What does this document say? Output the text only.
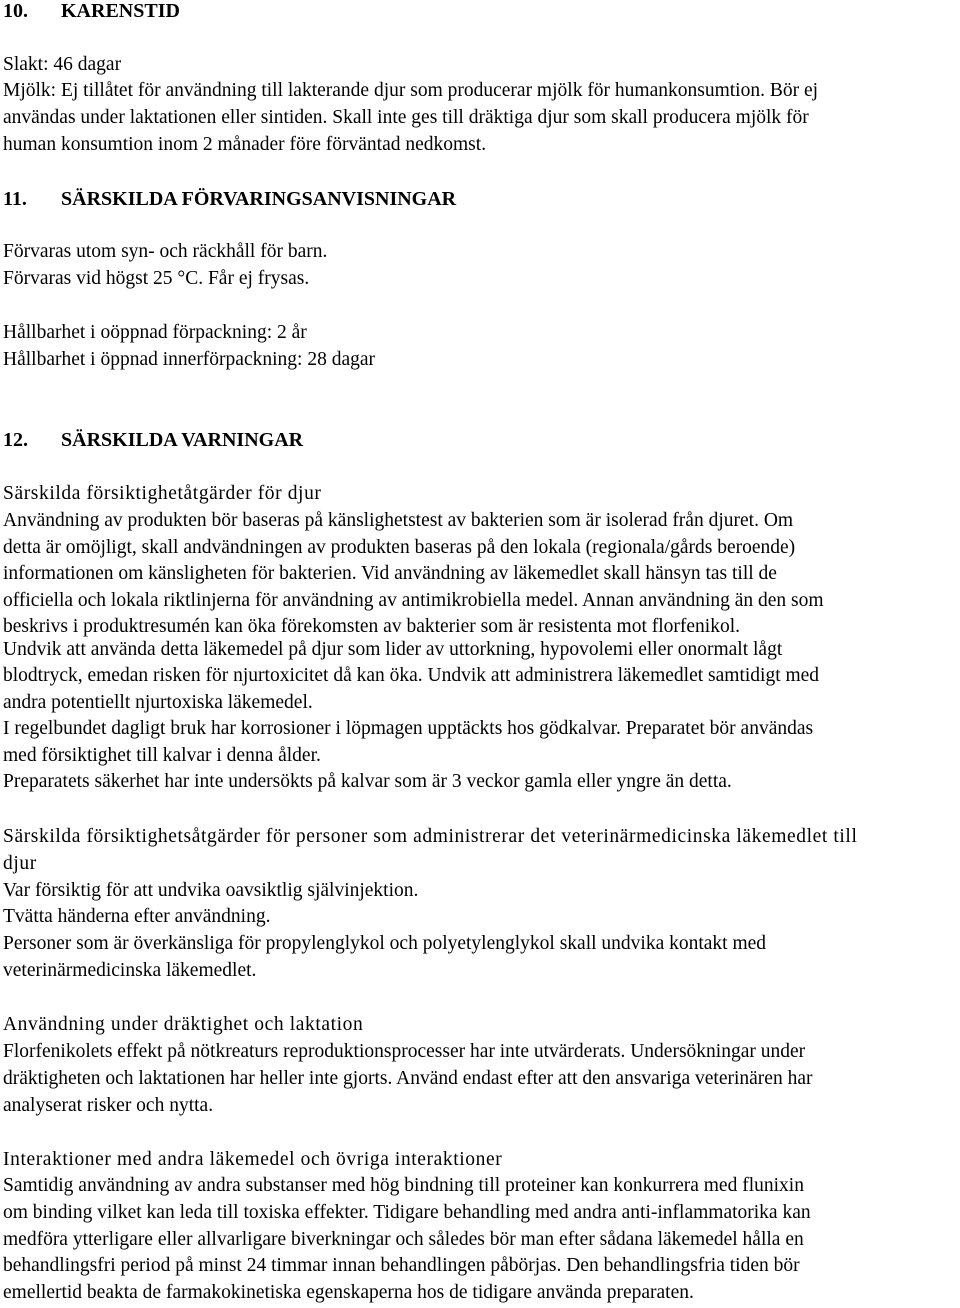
10. KARENSTID
Slakt: 46 dagar
Mjölk: Ej tillåtet för användning till lakterande djur som producerar mjölk för humankonsumtion. Bör ej
användas under laktationen eller sintiden. Skall inte ges till dräktiga djur som skall producera mjölk för
human konsumtion inom 2 månader före förväntad nedkomst.
11. SÄRSKILDA FÖRVARINGSANVISNINGAR
Förvaras utom syn- och räckhåll för barn.
Förvaras vid högst 25 °C. Får ej frysas.
Hållbarhet i oöppnad förpackning: 2 år
Hållbarhet i öppnad innerförpackning: 28 dagar
12. SÄRSKILDA VARNINGAR
Särskilda försiktighetåtgärder för djur
Användning av produkten bör baseras på känslighetstest av bakterien som är isolerad från djuret. Om
detta är omöjligt, skall andvändningen av produkten baseras på den lokala (regionala/gårds beroende)
informationen om känsligheten för bakterien. Vid användning av läkemedlet skall hänsyn tas till de
officiella och lokala riktlinjerna för användning av antimikrobiella medel. Annan användning än den som
beskrivs i produktresumén kan öka förekomsten av bakterier som är resistenta mot florfenikol.
Undvik att använda detta läkemedel på djur som lider av uttorkning, hypovolemi eller onormalt lågt
blodtryck, emedan risken för njurtoxicitet då kan öka. Undvik att administrera läkemedlet samtidigt med
andra potentiellt njurtoxiska läkemedel.
I regelbundet dagligt bruk har korrosioner i löpmagen upptäckts hos gödkalvar. Preparatet bör användas
med försiktighet till kalvar i denna ålder.
Preparatets säkerhet har inte undersökts på kalvar som är 3 veckor gamla eller yngre än detta.
Särskilda försiktighetsåtgärder för personer som administrerar det veterinärmedicinska läkemedlet till
djur
Var försiktig för att undvika oavsiktlig självinjektion.
Tvätta händerna efter användning.
Personer som är överkänsliga för propylenglykol och polyetylenglykol skall undvika kontakt med
veterinärmedicinska läkemedlet.
Användning under dräktighet och laktation
Florfenikolets effekt på nötkreaturs reproduktionsprocesser har inte utvärderats. Undersökningar under
dräktigheten och laktationen har heller inte gjorts. Använd endast efter att den ansvariga veterinären har
analyserat risker och nytta.
Interaktioner med andra läkemedel och övriga interaktioner
Samtidig användning av andra substanser med hög bindning till proteiner kan konkurrera med flunixin
om binding vilket kan leda till toxiska effekter. Tidigare behandling med andra anti-inflammatorika kan
medföra ytterligare eller allvarligare biverkningar och således bör man efter sådana läkemedel hålla en
behandlingsfri period på minst 24 timmar innan behandlingen påbörjas. Den behandlingsfria tiden bör
emellertid beakta de farmakokinetiska egenskaperna hos de tidigare använda preparaten.
